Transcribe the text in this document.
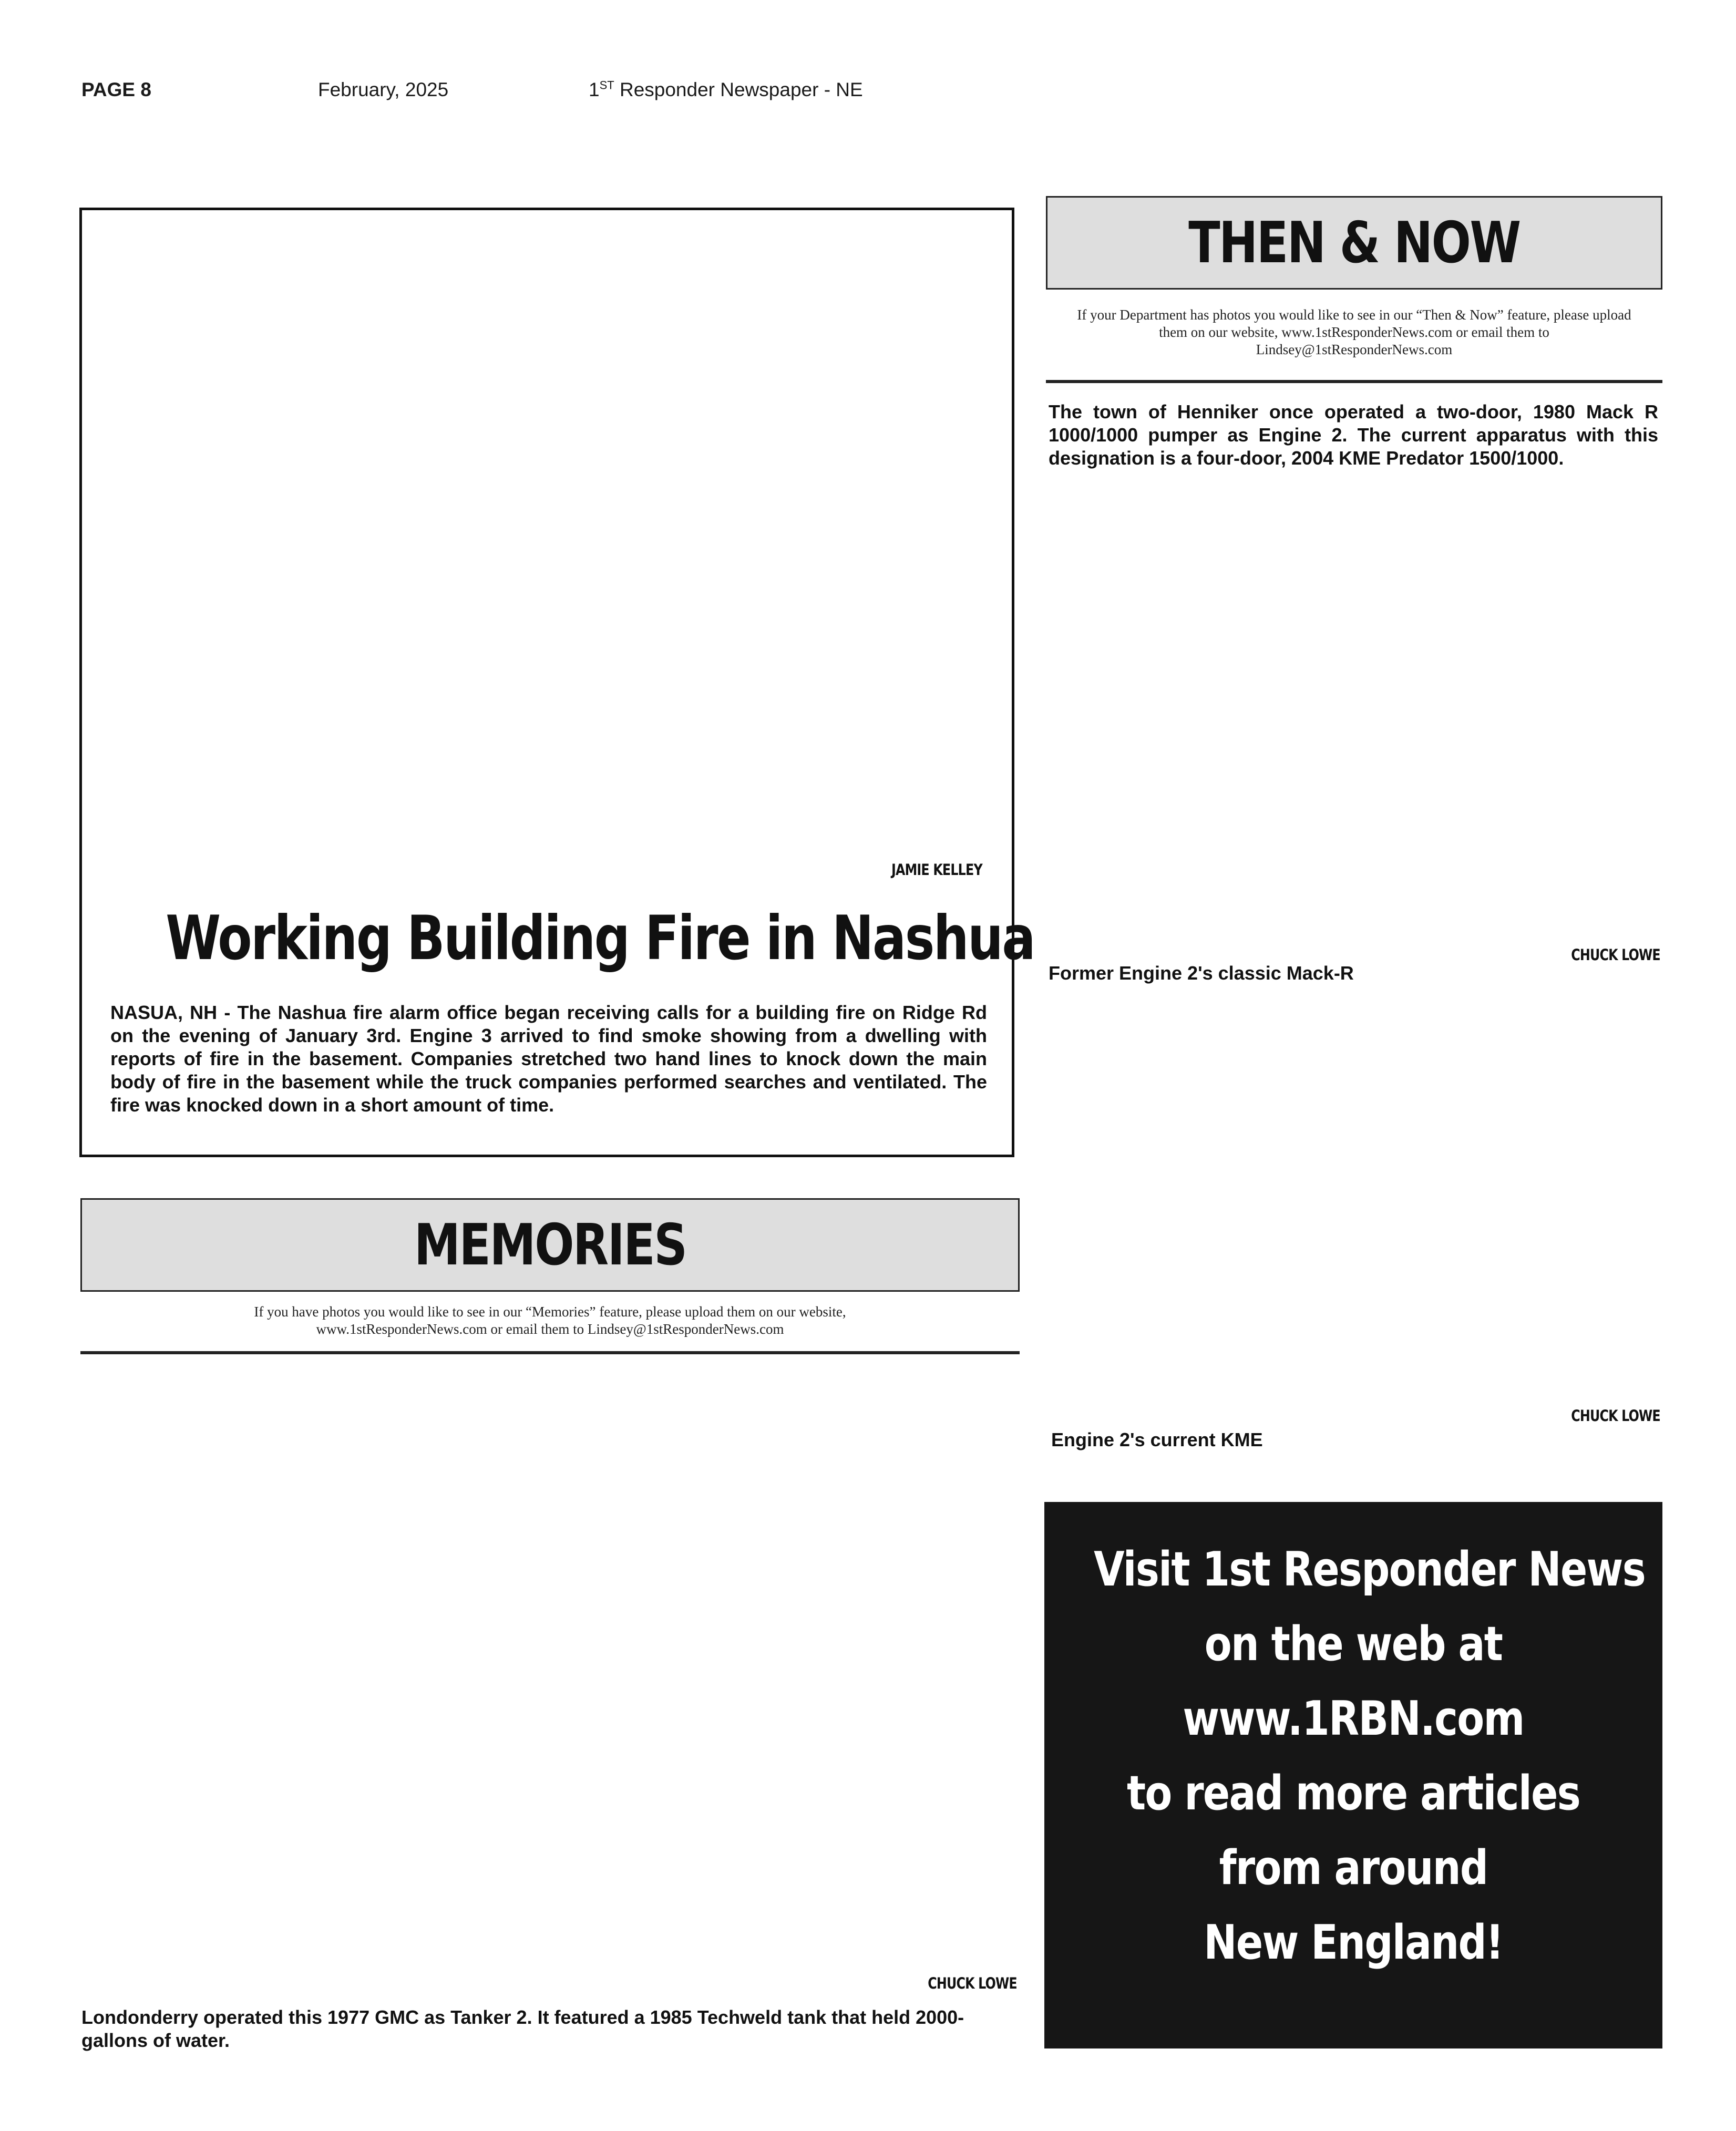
PAGE 8	February, 2025	1ST Responder Newspaper - NE
JAMIE KELLEY
Working Building Fire in Nashua
NASUA, NH - The Nashua fire alarm office began receiving calls for a building fire on Ridge Rd on the evening of January 3rd. Engine 3 arrived to find smoke showing from a dwelling with reports of fire in the basement. Companies stretched two hand lines to knock down the main body of fire in the basement while the truck companies performed searches and ventilated. The fire was knocked down in a short amount of time.
MEMORIES
If you have photos you would like to see in our “Memories” feature, please upload them on our website,
www.1stResponderNews.com or email them to Lindsey@1stResponderNews.com
CHUCK LOWE
Londonderry operated this 1977 GMC as Tanker 2. It featured a 1985 Techweld tank that held 2000-gallons of water.
THEN & NOW
If your Department has photos you would like to see in our “Then & Now” feature, please upload
them on our website, www.1stResponderNews.com or email them to
Lindsey@1stResponderNews.com
The town of Henniker once operated a two-door, 1980 Mack R 1000/1000 pumper as Engine 2. The current apparatus with this designation is a four-door, 2004 KME Predator 1500/1000.
CHUCK LOWE
Former Engine 2's classic Mack-R
CHUCK LOWE
Engine 2's current KME
Visit 1st Responder News
on the web at
www.1RBN.com
to read more articles
from around
New England!
